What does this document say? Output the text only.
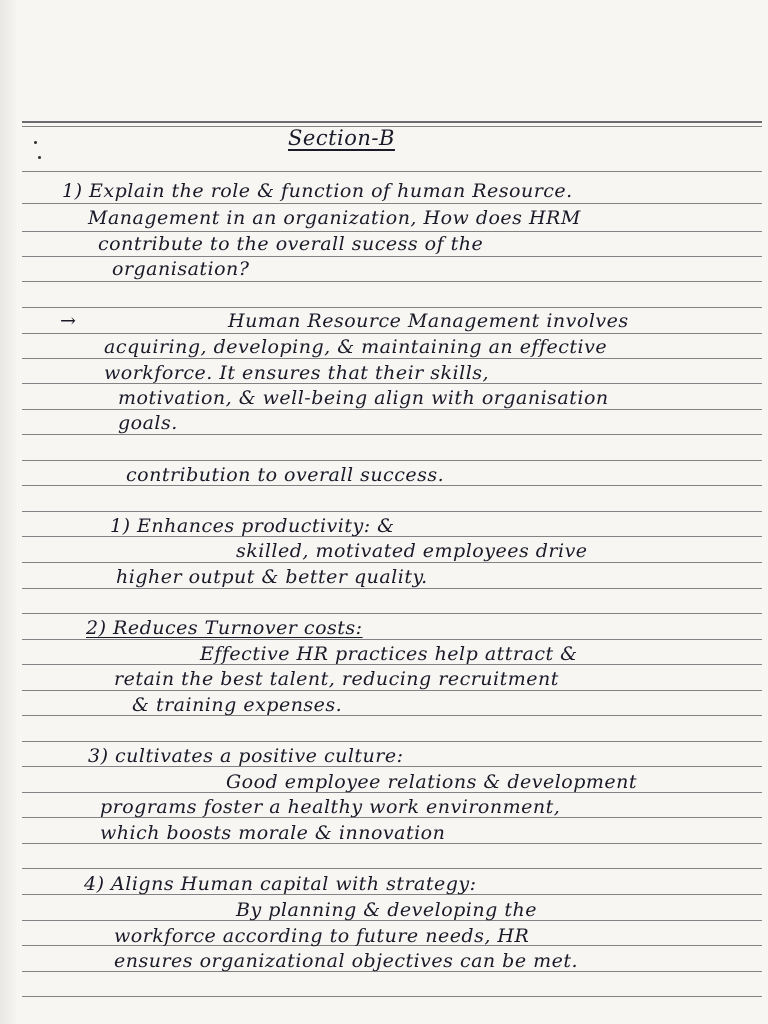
Section-B
1) Explain the role & function of human Resource.
Management in an organization, How does HRM
contribute to the overall sucess of the
organisation?
→	Human Resource Management involves
acquiring, developing, & maintaining an effective
workforce. It ensures that their skills,
motivation, & well-being align with organisation
goals.
contribution to overall success.
1) Enhances productivity: &
skilled, motivated employees drive
higher output & better quality.
2) Reduces Turnover costs:
Effective HR practices help attract &
retain the best talent, reducing recruitment
& training expenses.
3) cultivates a positive culture:
Good employee relations & development
programs foster a healthy work environment,
which boosts morale & innovation
4) Aligns Human capital with strategy:
By planning & developing the
workforce according to future needs, HR
ensures organizational objectives can be met.
